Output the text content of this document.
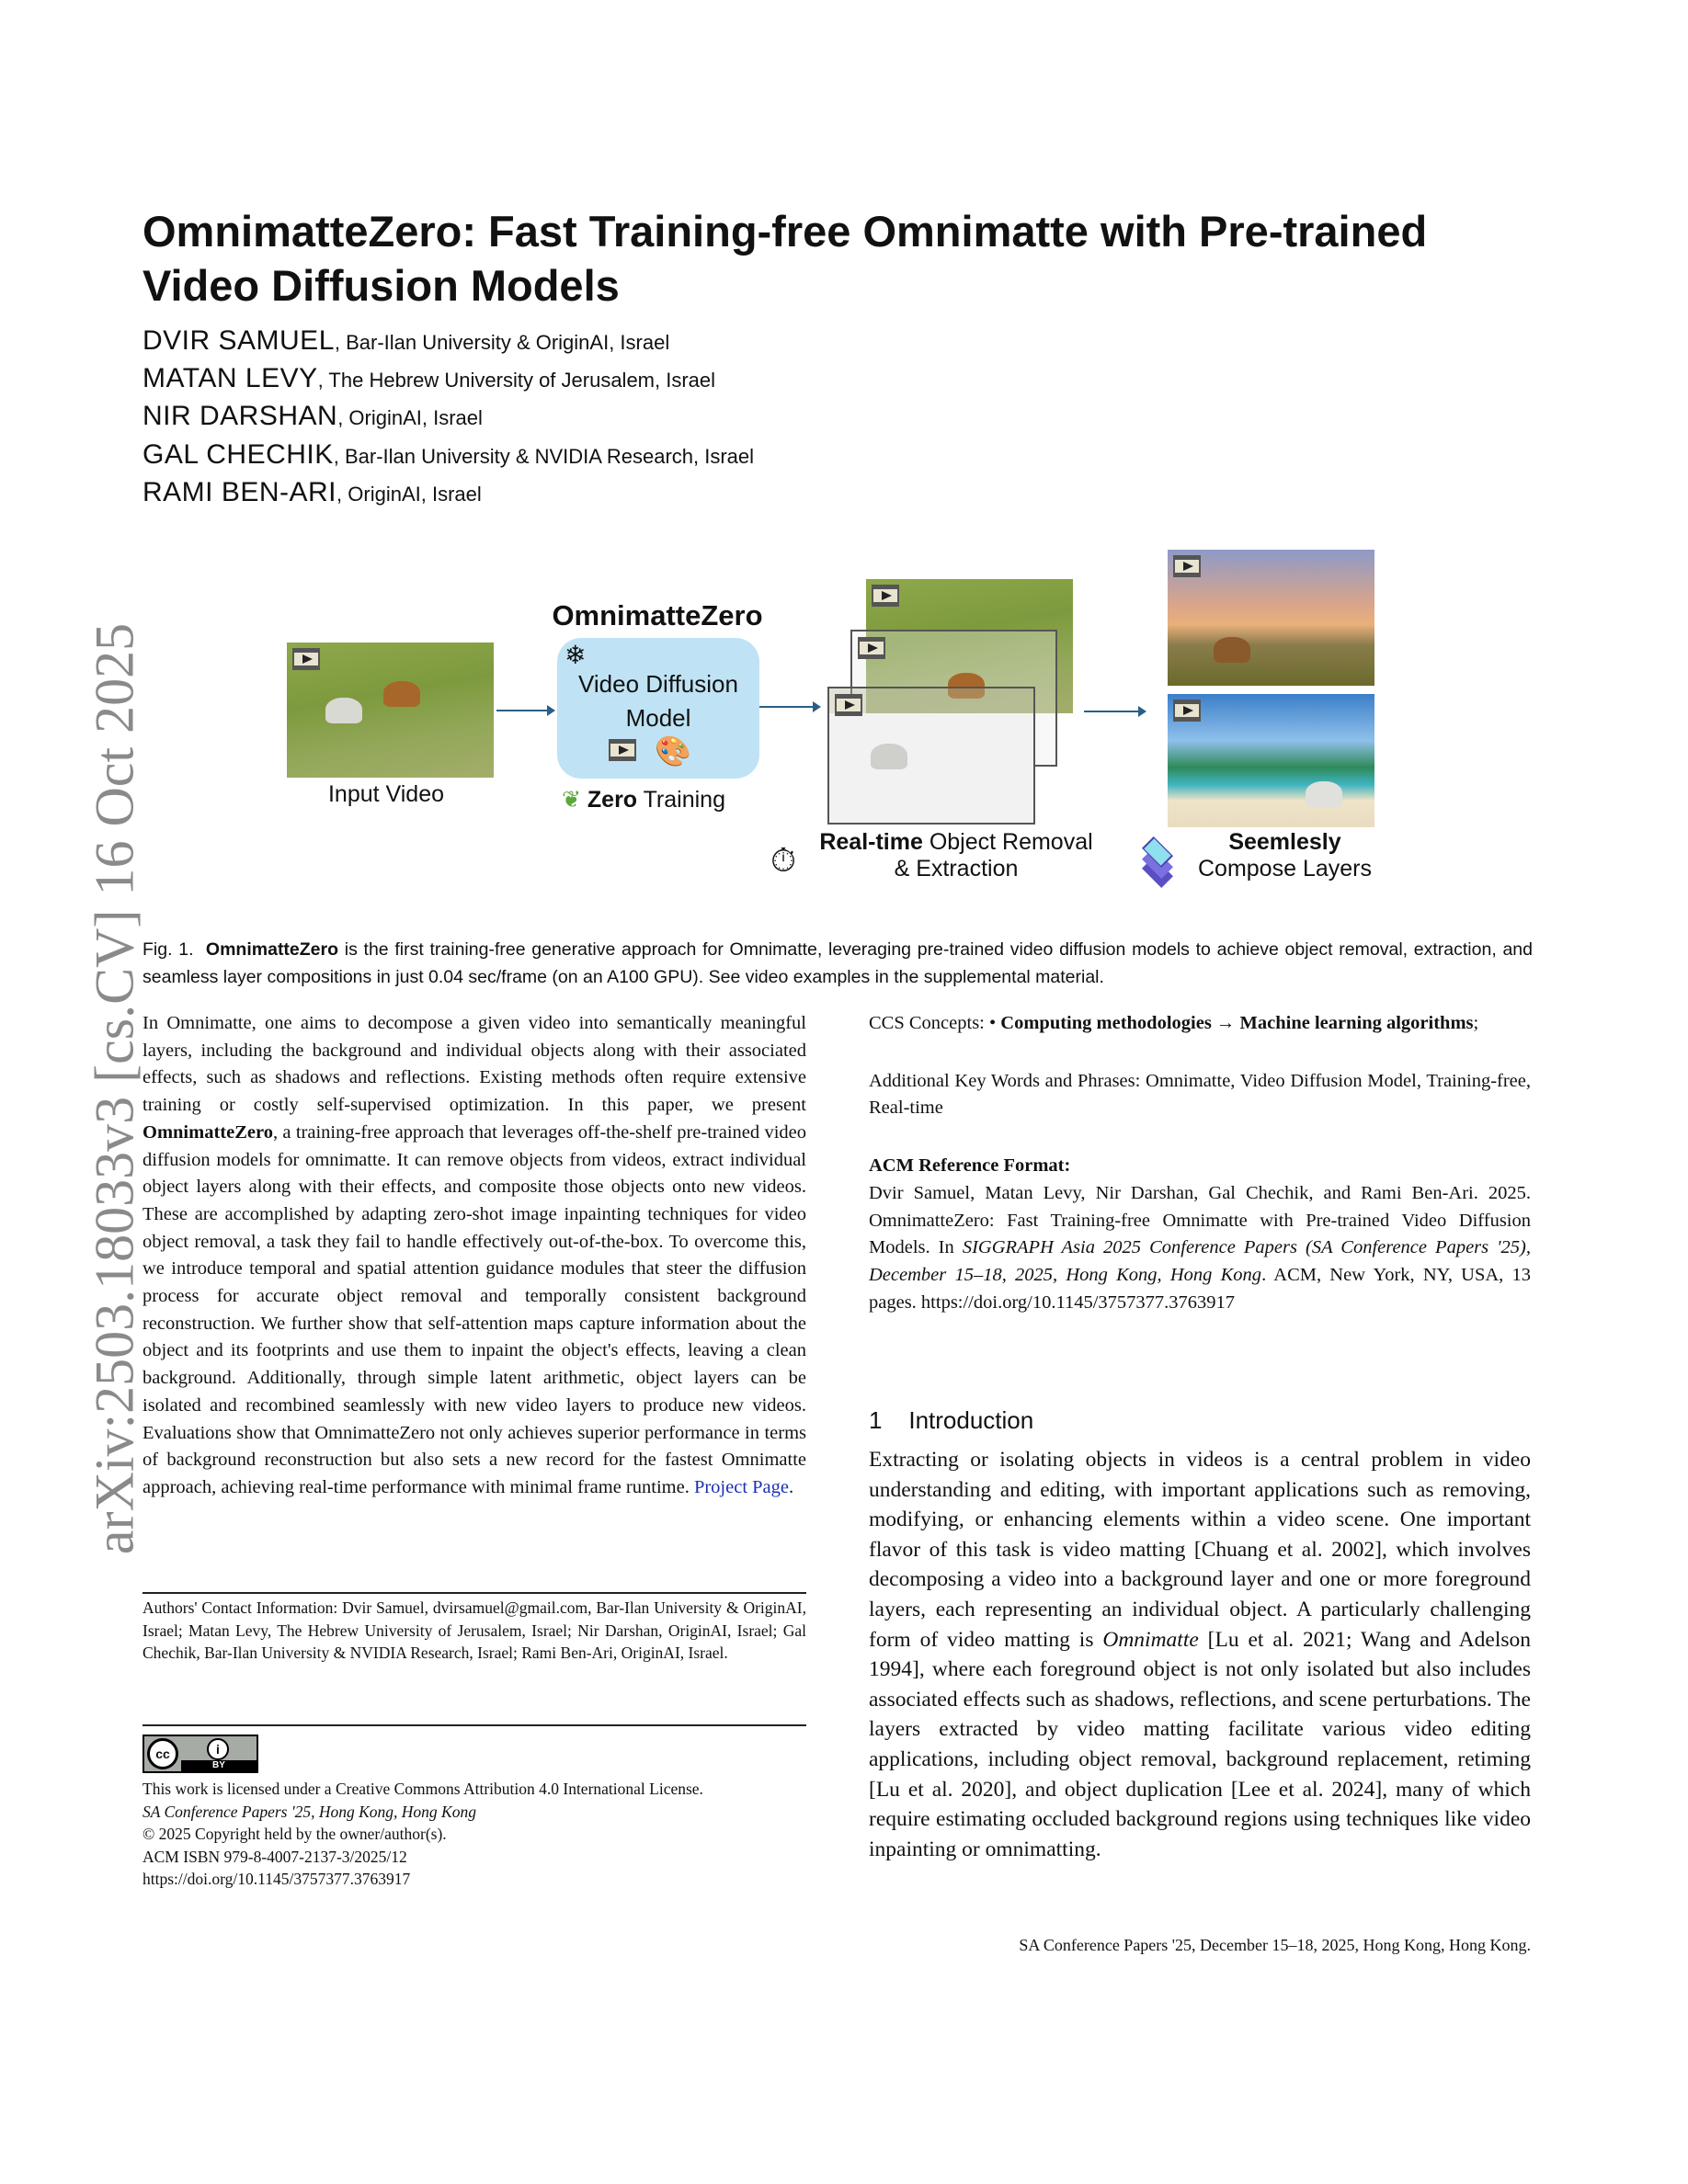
arXiv:2503.18033v3 [cs.CV] 16 Oct 2025
OmnimatteZero: Fast Training-free Omnimatte with Pre-trained Video Diffusion Models
DVIR SAMUEL, Bar-Ilan University & OriginAI, Israel
MATAN LEVY, The Hebrew University of Jerusalem, Israel
NIR DARSHAN, OriginAI, Israel
GAL CHECHIK, Bar-Ilan University & NVIDIA Research, Israel
RAMI BEN-ARI, OriginAI, Israel
Input Video
OmnimatteZero
❄
Video Diffusion Model
🎨
❦ Zero Training
⏱	Real-time Object Removal
& Extraction
Seemlesly
Compose Layers

Fig. 1. OmnimatteZero is the first training-free generative approach for Omnimatte, leveraging pre-trained video diffusion models to achieve object removal, extraction, and seamless layer compositions in just 0.04 sec/frame (on an A100 GPU). See video examples in the supplemental material.

In Omnimatte, one aims to decompose a given video into semantically meaningful layers, including the background and individual objects along with their associated effects, such as shadows and reflections. Existing methods often require extensive training or costly self-supervised optimization. In this paper, we present OmnimatteZero, a training-free approach that leverages off-the-shelf pre-trained video diffusion models for omnimatte. It can remove objects from videos, extract individual object layers along with their effects, and composite those objects onto new videos. These are accomplished by adapting zero-shot image inpainting techniques for video object removal, a task they fail to handle effectively out-of-the-box. To overcome this, we introduce temporal and spatial attention guidance modules that steer the diffusion process for accurate object removal and temporally consistent background reconstruction. We further show that self-attention maps capture information about the object and its footprints and use them to inpaint the object's effects, leaving a clean background. Additionally, through simple latent arithmetic, object layers can be isolated and recombined seamlessly with new video layers to produce new videos. Evaluations show that OmnimatteZero not only achieves superior performance in terms of background reconstruction but also sets a new record for the fastest Omnimatte approach, achieving real-time performance with minimal frame runtime. Project Page.

Authors' Contact Information: Dvir Samuel, dvirsamuel@gmail.com, Bar-Ilan University & OriginAI, Israel; Matan Levy, The Hebrew University of Jerusalem, Israel; Nir Darshan, OriginAI, Israel; Gal Chechik, Bar-Ilan University & NVIDIA Research, Israel; Rami Ben-Ari, OriginAI, Israel.

cc	i
BY
This work is licensed under a Creative Commons Attribution 4.0 International License.
SA Conference Papers '25, Hong Kong, Hong Kong
© 2025 Copyright held by the owner/author(s).
ACM ISBN 979-8-4007-2137-3/2025/12
https://doi.org/10.1145/3757377.3763917

CCS Concepts: • Computing methodologies → Machine learning algorithms;

Additional Key Words and Phrases: Omnimatte, Video Diffusion Model, Training-free, Real-time

ACM Reference Format:

Dvir Samuel, Matan Levy, Nir Darshan, Gal Chechik, and Rami Ben-Ari. 2025. OmnimatteZero: Fast Training-free Omnimatte with Pre-trained Video Diffusion Models. In SIGGRAPH Asia 2025 Conference Papers (SA Conference Papers '25), December 15–18, 2025, Hong Kong, Hong Kong. ACM, New York, NY, USA, 13 pages. https://doi.org/10.1145/3757377.3763917

1    Introduction

Extracting or isolating objects in videos is a central problem in video understanding and editing, with important applications such as removing, modifying, or enhancing elements within a video scene. One important flavor of this task is video matting [Chuang et al. 2002], which involves decomposing a video into a background layer and one or more foreground layers, each representing an individual object. A particularly challenging form of video matting is Omnimatte [Lu et al. 2021; Wang and Adelson 1994], where each foreground object is not only isolated but also includes associated effects such as shadows, reflections, and scene perturbations. The layers extracted by video matting facilitate various video editing applications, including object removal, background replacement, retiming [Lu et al. 2020], and object duplication [Lee et al. 2024], many of which require estimating occluded background regions using techniques like video inpainting or omnimatting.

SA Conference Papers '25, December 15–18, 2025, Hong Kong, Hong Kong.
